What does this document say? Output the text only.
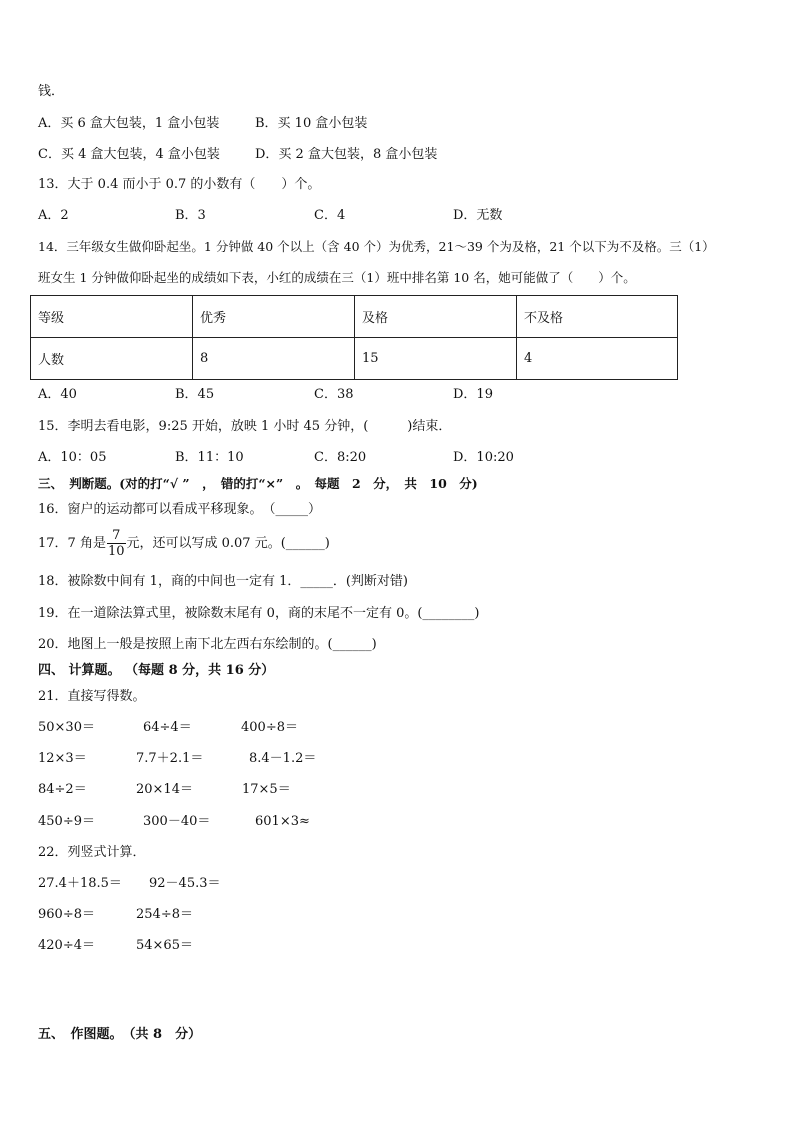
钱．
A．买 6 盒大包装，1 盒小包装	B．买 10 盒小包装
C．买 4 盒大包装，4 盒小包装	D．买 2 盒大包装，8 盒小包装
13．大于 0.4 而小于 0.7 的小数有（　　）个。
A．2	B．3	C．4	D．无数
14．三年级女生做仰卧起坐。1 分钟做 40 个以上（含 40 个）为优秀，21～39 个为及格，21 个以下为不及格。三（1）
班女生 1 分钟做仰卧起坐的成绩如下表，小红的成绩在三（1）班中排名第 10 名，她可能做了（　　）个。
等级	优秀	及格	不及格
人数	8	15	4
A．40	B．45	C．38	D．19
15．李明去看电影，9:25 开始，放映 1 小时 45 分钟，(　　　)结束．
A．10：05	B．11：10	C．8:20	D．10:20
三、　判断题。(对的打“√ ”　，　错的打“×”　。　每题　2　分，　共　10　分)
16．窗户的运动都可以看成平移现象。　（_____）
17．7 角是 $\frac{7}{10}$ 元，还可以写成 0.07 元。(______)
18．被除数中间有 1，商的中间也一定有 1．_____．(判断对错)
19．在一道除法算式里，被除数末尾有 0，商的末尾不一定有 0。(________)
20．地图上一般是按照上南下北左西右东绘制的。(______)
四、 计算题。 （每题 8 分，共 16 分）
21．直接写得数。
50×30＝	64÷4＝	400÷8＝
12×3＝	7.7＋2.1＝	8.4－1.2＝
84÷2＝	20×14＝	17×5＝
450÷9＝	300－40＝	601×3≈
22．列竖式计算．
27.4＋18.5＝ 92－45.3＝
960÷8＝	254÷8＝
420÷4＝	54×65＝
五、　作图题。　（共 8　分）
